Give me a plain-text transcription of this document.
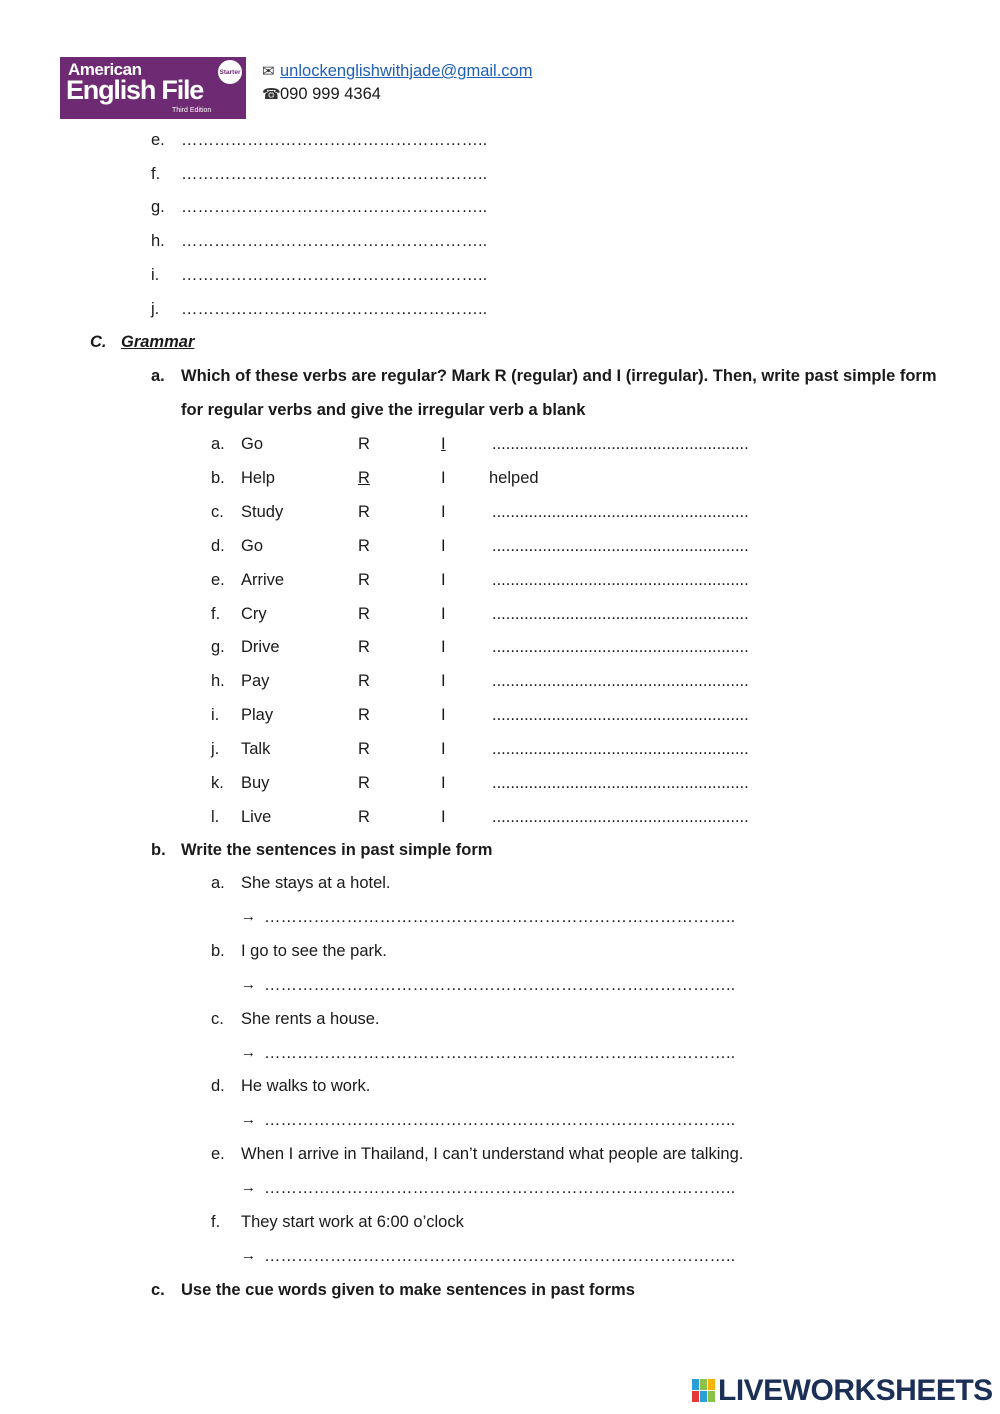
American
English File
Starter
Third Edition
✉ unlockenglishwithjade@gmail.com
☎090 999 4364
e. ………………………………………………..
f. ………………………………………………..
g. ………………………………………………..
h. ………………………………………………..
i. ………………………………………………..
j. ………………………………………………..
C. Grammar
a. Which of these verbs are regular? Mark R (regular) and I (irregular). Then, write past simple form
for regular verbs and give the irregular verb a blank
a. Go	R	I	........................................................
b. Help	R	I	helped
c. Study	R	I	........................................................
d. Go	R	I	........................................................
e. Arrive	R	I	........................................................
f. Cry	R	I	........................................................
g. Drive	R	I	........................................................
h. Pay	R	I	........................................................
i. Play	R	I	........................................................
j. Talk	R	I	........................................................
k. Buy	R	I	........................................................
l. Live	R	I	........................................................
b. Write the sentences in past simple form
a. She stays at a hotel.
→ …………………………………………………………………………..
b. I go to see the park.
→ …………………………………………………………………………..
c. She rents a house.
→ …………………………………………………………………………..
d. He walks to work.
→ …………………………………………………………………………..
e. When I arrive in Thailand, I can’t understand what people are talking.
→ …………………………………………………………………………..
f. They start work at 6:00 o’clock
→ …………………………………………………………………………..
c. Use the cue words given to make sentences in past forms
LIVEWORKSHEETS
